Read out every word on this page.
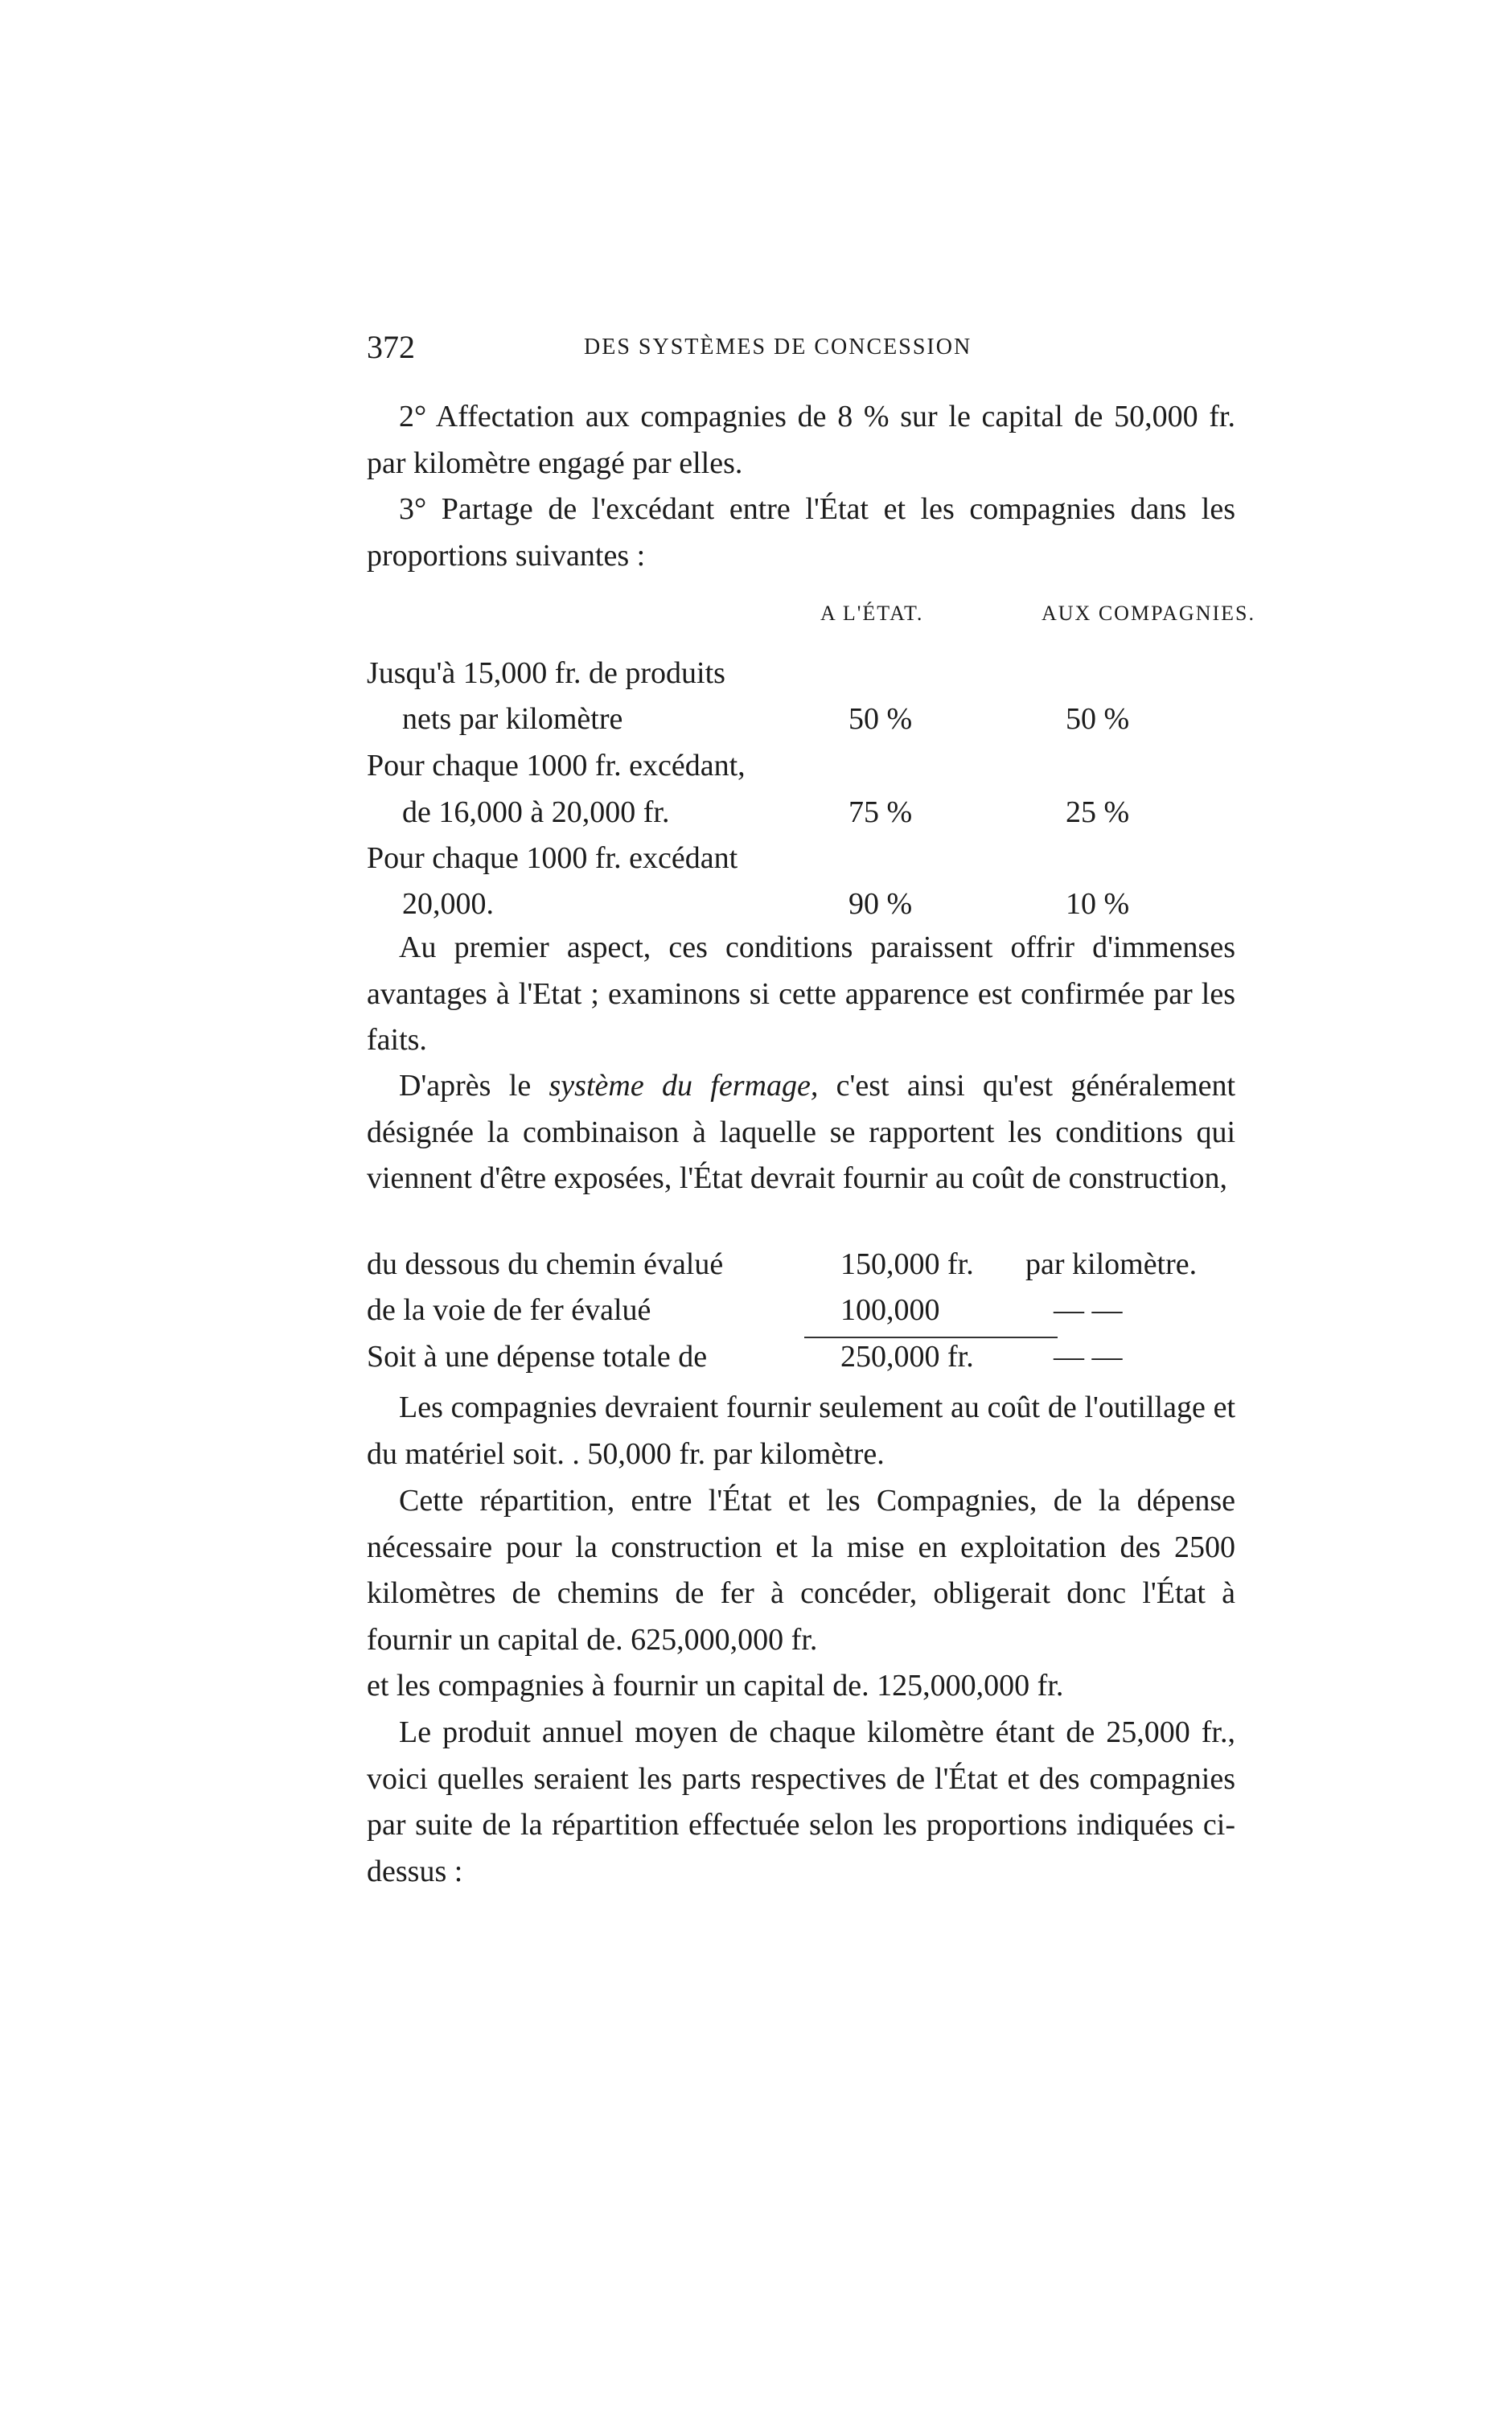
372	DES SYSTÈMES DE CONCESSION
2° Affectation aux compagnies de 8 % sur le capital de 50,000 fr. par kilomètre engagé par elles.
3° Partage de l'excédant entre l'État et les compagnies dans les proportions suivantes :
A L'ÉTAT.	AUX COMPAGNIES.
Jusqu'à 15,000 fr. de produits
nets par kilomètre	50 %	50 %
Pour chaque 1000 fr. excédant,
de 16,000 à 20,000 fr.	75 %	25 %
Pour chaque 1000 fr. excédant
20,000.	90 %	10 %
Au premier aspect, ces conditions paraissent offrir d'immenses avantages à l'Etat ; examinons si cette apparence est confirmée par les faits.
D'après le système du fermage, c'est ainsi qu'est généralement désignée la combinaison à laquelle se rapportent les conditions qui viennent d'être exposées, l'État devrait fournir au coût de construction,
du dessous du chemin évalué	150,000 fr. par kilomètre.
de la voie de fer évalué	100,000	— —
Soit à une dépense totale de	250,000 fr.	— —
Les compagnies devraient fournir seulement au coût de l'outillage et du matériel soit. . 50,000 fr. par kilomètre.
Cette répartition, entre l'État et les Compagnies, de la dépense nécessaire pour la construction et la mise en exploitation des 2500 kilomètres de chemins de fer à concéder, obligerait donc l'État à fournir un capital de. 625,000,000 fr.
et les compagnies à fournir un capital de. 125,000,000 fr.
Le produit annuel moyen de chaque kilomètre étant de 25,000 fr., voici quelles seraient les parts respectives de l'État et des compagnies par suite de la répartition effectuée selon les proportions indiquées ci-dessus :
